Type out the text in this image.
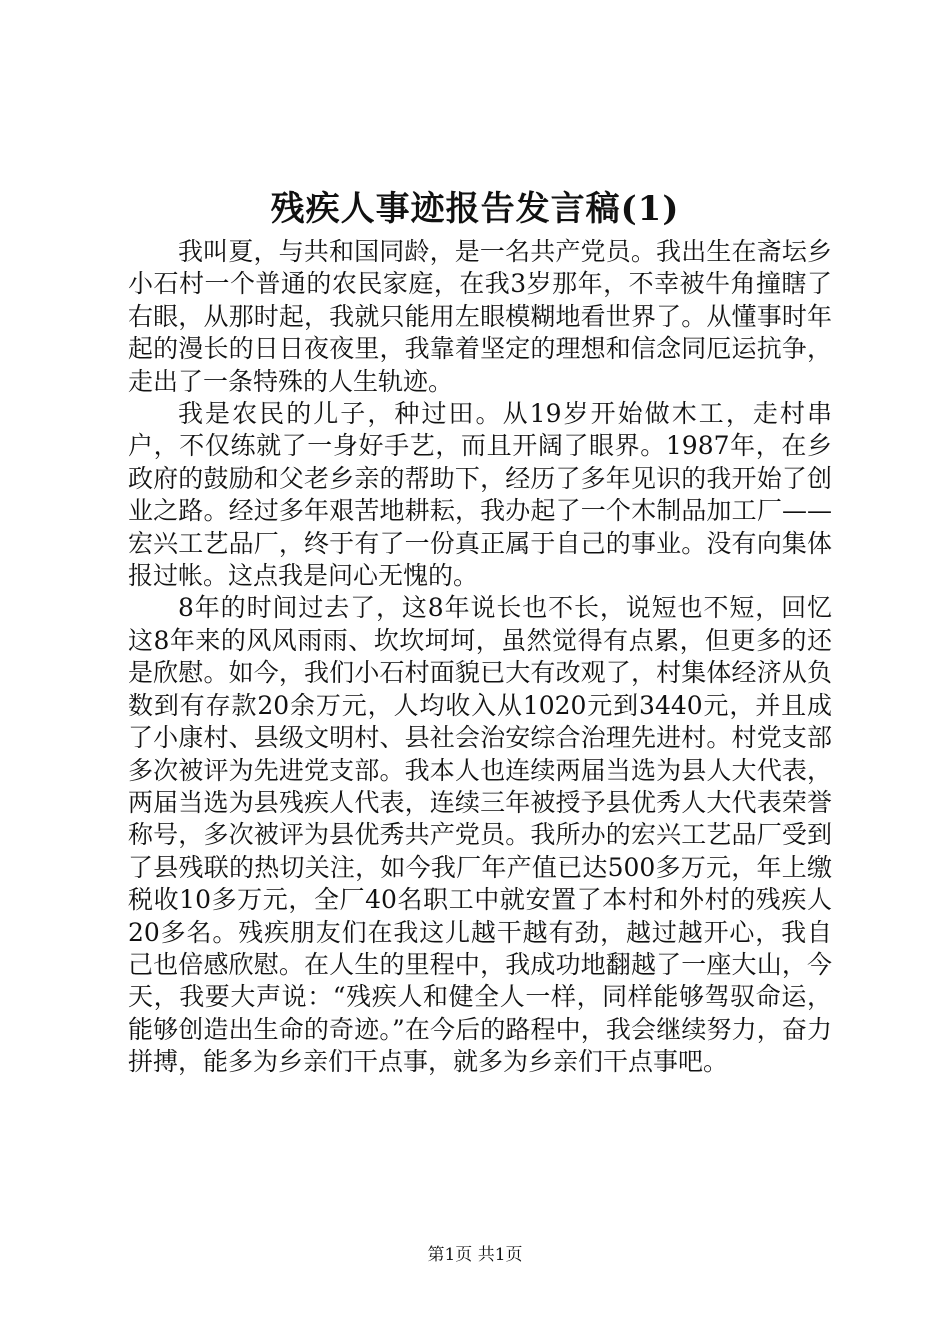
残疾人事迹报告发言稿(1)

我叫夏，与共和国同龄，是一名共产党员。我出生在斋坛乡小石村一个普通的农民家庭，在我3岁那年，不幸被牛角撞瞎了右眼，从那时起，我就只能用左眼模糊地看世界了。从懂事时年起的漫长的日日夜夜里，我靠着坚定的理想和信念同厄运抗争，走出了一条特殊的人生轨迹。

我是农民的儿子，种过田。从19岁开始做木工，走村串户，不仅练就了一身好手艺，而且开阔了眼界。1987年，在乡政府的鼓励和父老乡亲的帮助下，经历了多年见识的我开始了创业之路。经过多年艰苦地耕耘，我办起了一个木制品加工厂——宏兴工艺品厂，终于有了一份真正属于自己的事业。没有向集体报过帐。这点我是问心无愧的。

8年的时间过去了，这8年说长也不长，说短也不短，回忆这8年来的风风雨雨、坎坎坷坷，虽然觉得有点累，但更多的还是欣慰。如今，我们小石村面貌已大有改观了，村集体经济从负数到有存款20余万元，人均收入从1020元到3440元，并且成了小康村、县级文明村、县社会治安综合治理先进村。村党支部多次被评为先进党支部。我本人也连续两届当选为县人大代表，两届当选为县残疾人代表，连续三年被授予县优秀人大代表荣誉称号，多次被评为县优秀共产党员。我所办的宏兴工艺品厂受到了县残联的热切关注，如今我厂年产值已达500多万元，年上缴税收10多万元，全厂40名职工中就安置了本村和外村的残疾人20多名。残疾朋友们在我这儿越干越有劲，越过越开心，我自己也倍感欣慰。在人生的里程中，我成功地翻越了一座大山，今天，我要大声说：“残疾人和健全人一样，同样能够驾驭命运，能够创造出生命的奇迹。”在今后的路程中，我会继续努力，奋力拼搏，能多为乡亲们干点事，就多为乡亲们干点事吧。

第1页 共1页
